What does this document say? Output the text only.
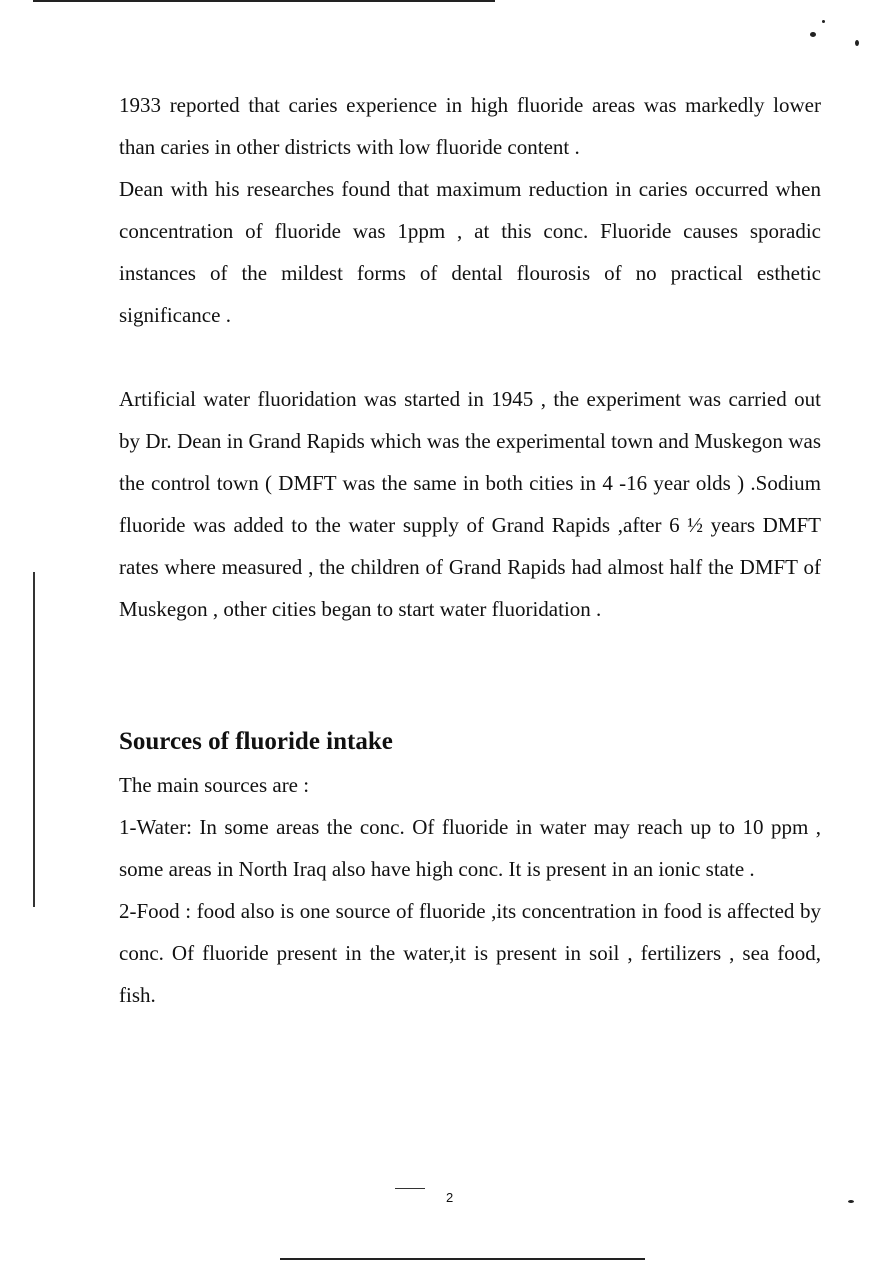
1933 reported that caries experience in high fluoride areas was markedly lower than caries in other districts with low fluoride content .

Dean with his researches found that maximum reduction in caries occurred when concentration of fluoride was 1ppm , at this conc. Fluoride causes sporadic instances of the mildest forms of dental flourosis of no practical esthetic significance .

Artificial water fluoridation was started in 1945 , the experiment was carried out by Dr. Dean in Grand Rapids which was the experimental town and Muskegon was the control town ( DMFT was the same in both cities in 4 -16 year olds ) .Sodium fluoride was added to the water supply of Grand Rapids ,after 6 ½ years DMFT rates where measured , the children of Grand Rapids had almost half the DMFT of Muskegon , other cities began to start water fluoridation .

Sources of fluoride intake

The main sources are :

1-Water: In some areas the conc. Of fluoride in water may reach up to 10 ppm , some areas in North Iraq also have high conc. It is present in an ionic state .

2-Food : food also is one source of fluoride ,its concentration in food is affected by conc. Of fluoride present in the water,it is present in soil , fertilizers , sea food, fish.

2
